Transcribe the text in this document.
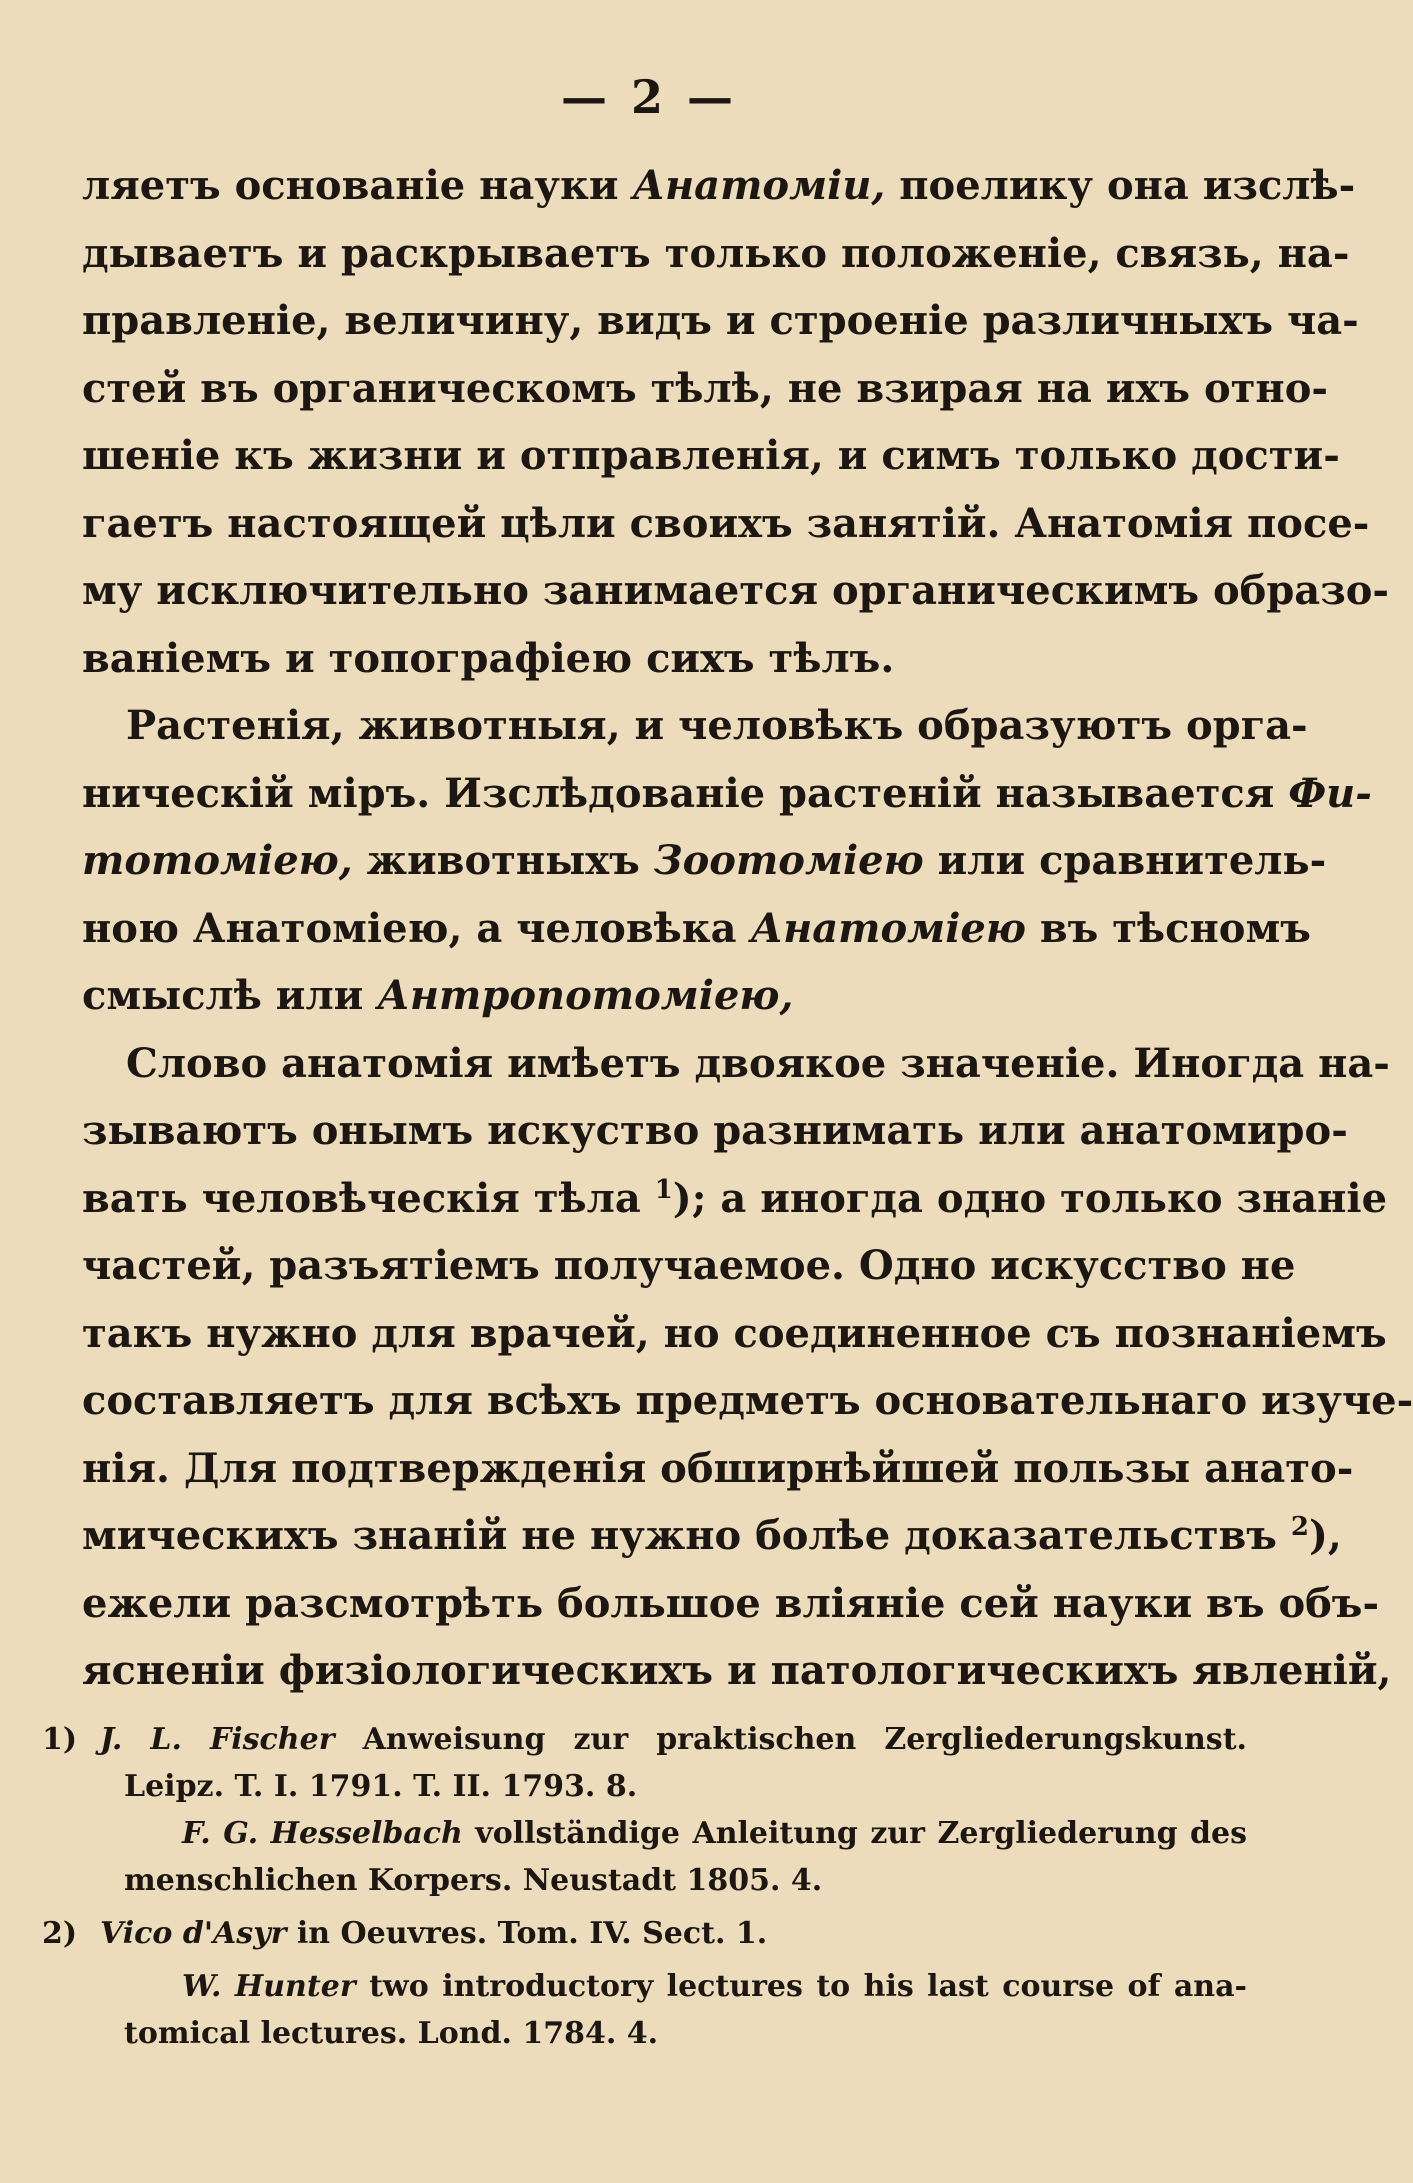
— 2 —
ляетъ основаніе науки Анатоміи, поелику она изслѣ-
дываетъ и раскрываетъ только положеніе, связь, на-
правленіе, величину, видъ и строеніе различныхъ ча-
стей въ органическомъ тѣлѣ, не взирая на ихъ отно-
шеніе къ жизни и отправленія, и симъ только дости-
гаетъ настоящей цѣли своихъ занятій. Анатомія посе-
му исключительно занимается органическимъ образо-
ваніемъ и топографіею сихъ тѣлъ.
Растенія, животныя, и человѣкъ образуютъ орга-
ническій міръ. Изслѣдованіе растеній называется Фи-
тотоміею, животныхъ Зоотоміею или сравнитель-
ною Анатоміею, а человѣка Анатоміею въ тѣсномъ
смыслѣ или Антропотоміею,
Слово анатомія имѣетъ двоякое значеніе. Иногда на-
зываютъ онымъ искуство разнимать или анатомиро-
вать человѣческія тѣла $^1$); а иногда одно только знаніе
частей, разъятіемъ получаемое. Одно искусство не
такъ нужно для врачей, но соединенное съ познаніемъ
составляетъ для всѣхъ предметъ основательнаго изуче-
нія. Для подтвержденія обширнѣйшей пользы анато-
мическихъ знаній не нужно болѣе доказательствъ $^2$),
ежели разсмотрѣть большое вліяніе сей науки въ объ-
ясненіи физіологическихъ и патологическихъ явленій,
1) J. L. Fischer Anweisung zur praktischen Zergliederungskunst.
Leipz. T. I. 1791. T. II. 1793. 8.
F. G. Hesselbach vollständige Anleitung zur Zergliederung des
menschlichen Korpers. Neustadt 1805. 4.
2) Vico d'Asyr in Oeuvres. Tom. IV. Sect. 1.
W. Hunter two introductory lectures to his last course of ana-
tomical lectures. Lond. 1784. 4.
